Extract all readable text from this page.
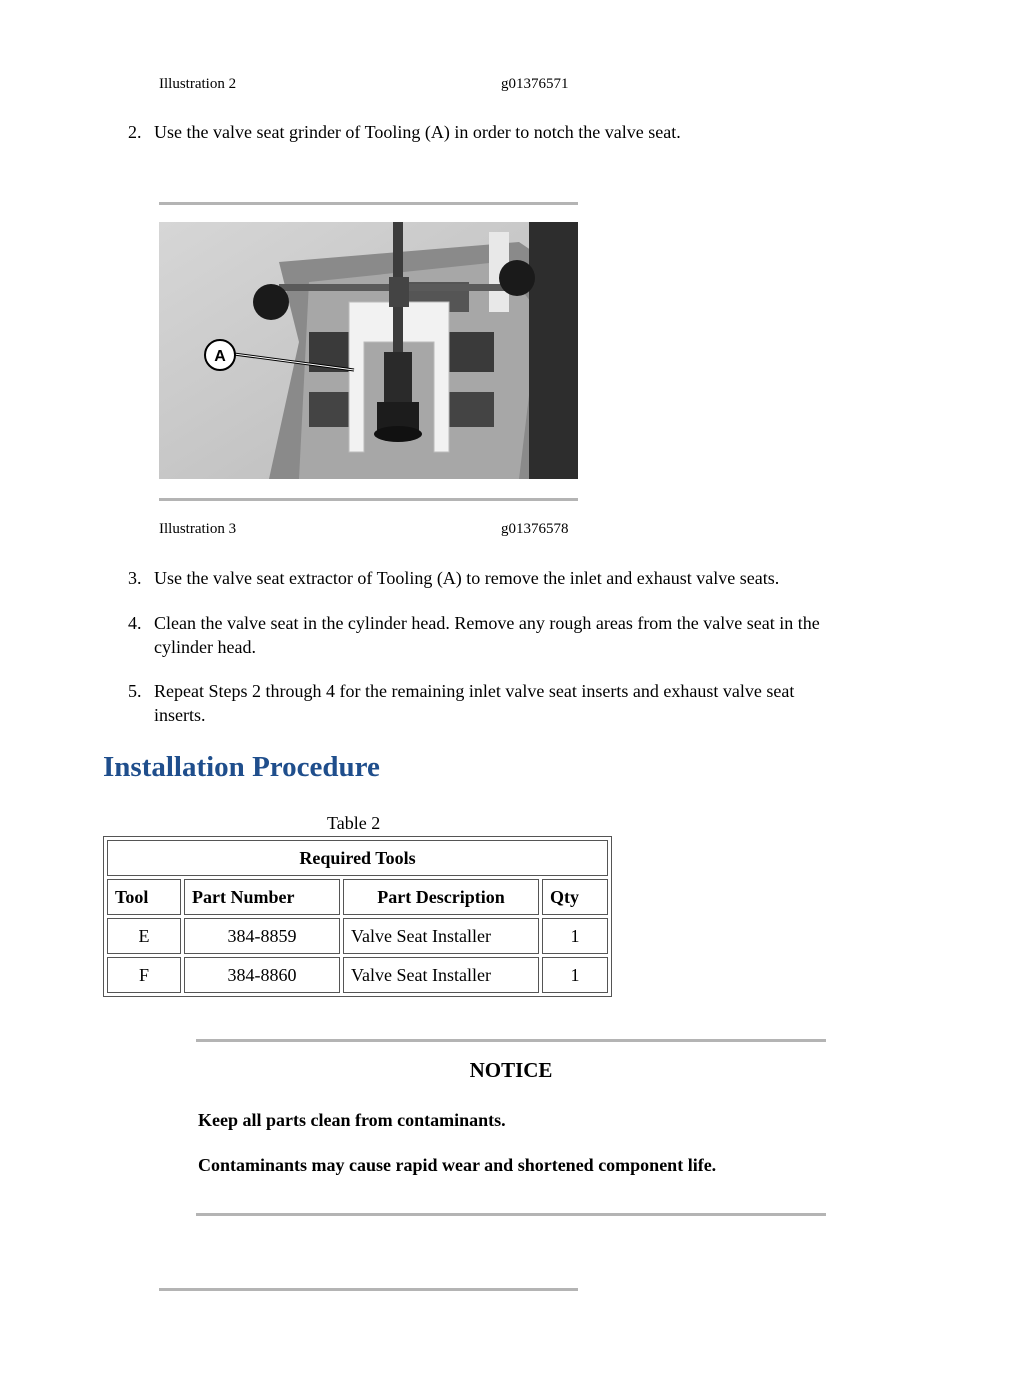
Illustration 2	g01376571
2. Use the valve seat grinder of Tooling (A) in order to notch the valve seat.
A
Illustration 3	g01376578
3. Use the valve seat extractor of Tooling (A) to remove the inlet and exhaust valve seats.
4. Clean the valve seat in the cylinder head. Remove any rough areas from the valve seat in the
cylinder head.
5. Repeat Steps 2 through 4 for the remaining inlet valve seat inserts and exhaust valve seat
inserts.
Installation Procedure
Table 2
Required Tools			
Tool	Part Number	Part Description	Qty
E	384-8859	Valve Seat Installer	1
F	384-8860	Valve Seat Installer	1
NOTICE
Keep all parts clean from contaminants.
Contaminants may cause rapid wear and shortened component life.
